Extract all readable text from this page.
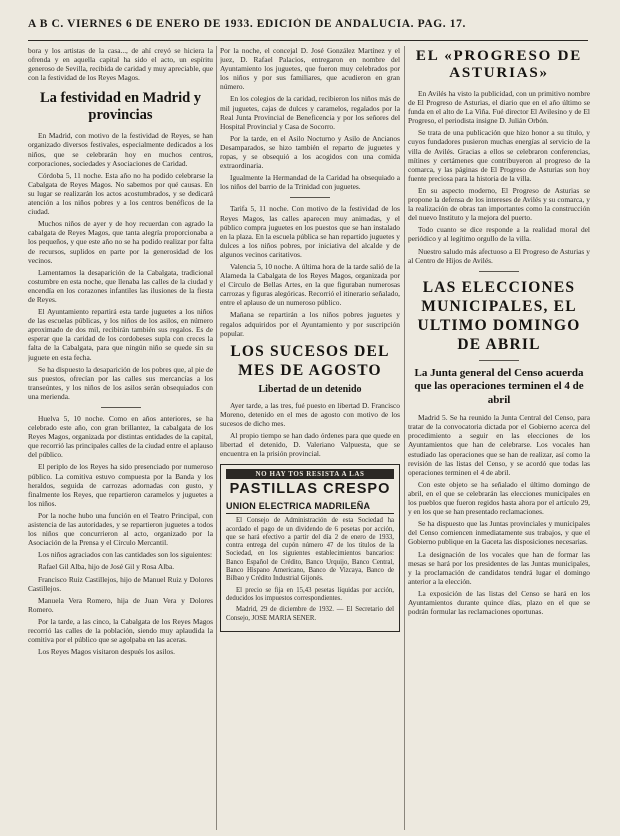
A B C. VIERNES 6 DE ENERO DE 1933. EDICIÓN DE ANDALUCIA. PAG. 17.

bora y los artistas de la casa..., de ahí creyó se hiciera la ofrenda y en aquella capital ha sido el acto, un espíritu generoso de Sevilla, recibida de caridad y muy apreciable, que con la festividad de los Reyes Magos.

La festividad en Madrid y provincias

En Madrid, con motivo de la festividad de Reyes, se han organizado diversos festivales, especialmente dedicados a los niños, que se celebrarán hoy en muchos centros, corporaciones, sociedades y Asociaciones de Caridad.

Córdoba 5, 11 noche. Esta año no ha podido celebrarse la Cabalgata de Reyes Magos. No sabemos por qué causas. En su lugar se realizarán los actos acostumbrados, y se dedicará atención a los niños pobres y a los centros benéficos de la ciudad.

Muchos niños de ayer y de hoy recuerdan con agrado la cabalgata de Reyes Magos, que tanta alegría proporcionaba a los pequeños, y que este año no se ha podido realizar por falta de recursos, suplidos en parte por la generosidad de los vecinos.

Lamentamos la desaparición de la Cabalgata, tradicional costumbre en esta noche, que llenaba las calles de la ciudad y encendía en los corazones infantiles las ilusiones de la fiesta de Reyes.

El Ayuntamiento repartirá esta tarde juguetes a los niños de las escuelas públicas, y los niños de los asilos, en número aproximado de dos mil, recibirán también sus regalos. Es de esperar que la caridad de los cordobeses supla con creces la falta de la Cabalgata, para que ningún niño se quede sin su juguete en esta fecha.

Se ha dispuesto la desaparición de los pobres que, al pie de sus puestos, ofrecían por las calles sus mercancías a los transeúntes, y los niños de los asilos serán obsequiados con una merienda.

Huelva 5, 10 noche. Como en años anteriores, se ha celebrado este año, con gran brillantez, la cabalgata de los Reyes Magos, organizada por distintas entidades de la capital, que recorrió las principales calles de la ciudad entre el aplauso del público.

El periplo de los Reyes ha sido presenciado por numeroso público. La comitiva estuvo compuesta por la Banda y los heraldos, seguida de carrozas adornadas con gusto, y finalmente los Reyes, que repartieron caramelos y juguetes a los niños.

Por la noche hubo una función en el Teatro Principal, con asistencia de las autoridades, y se repartieron juguetes a todos los niños que concurrieron al acto, organizado por la Asociación de la Prensa y el Círculo Mercantil.

Los niños agraciados con las cantidades son los siguientes:

Rafael Gil Alba, hijo de José Gil y Rosa Alba.

Francisco Ruiz Castillejos, hijo de Manuel Ruiz y Dolores Castillejos.

Manuela Vera Romero, hija de Juan Vera y Dolores Romero.

Por la tarde, a las cinco, la Cabalgata de los Reyes Magos recorrió las calles de la población, siendo muy aplaudida la comitiva por el público que se agolpaba en las aceras.

Los Reyes Magos visitaron después los asilos.

Por la noche, el concejal D. José González Martínez y el juez, D. Rafael Palacios, entregaron en nombre del Ayuntamiento los juguetes, que fueron muy celebrados por los niños y por sus familiares, que acudieron en gran número.

En los colegios de la caridad, recibieron los niños más de mil juguetes, cajas de dulces y caramelos, regalados por la Real Junta Provincial de Beneficencia y por los señores del Hospital Provincial y Casa de Socorro.

Por la tarde, en el Asilo Nocturno y Asilo de Ancianos Desamparados, se hizo también el reparto de juguetes y ropas, y se obsequió a los acogidos con una comida extraordinaria.

Igualmente la Hermandad de la Caridad ha obsequiado a los niños del barrio de la Trinidad con juguetes.

Tarifa 5, 11 noche. Con motivo de la festividad de los Reyes Magos, las calles aparecen muy animadas, y el público compra juguetes en los puestos que se han instalado en la plaza. En la escuela pública se han repartido juguetes y dulces a los niños pobres, por iniciativa del alcalde y de algunos vecinos caritativos.

Valencia 5, 10 noche. A última hora de la tarde salió de la Alameda la Cabalgata de los Reyes Magos, organizada por el Círculo de Bellas Artes, en la que figuraban numerosas carrozas y figuras alegóricas. Recorrió el itinerario señalado, entre el aplauso de un numeroso público.

Mañana se repartirán a los niños pobres juguetes y regalos adquiridos por el Ayuntamiento y por suscripción popular.

LOS SUCESOS DEL MES DE AGOSTO
Libertad de un detenido

Ayer tarde, a las tres, fué puesto en libertad D. Francisco Moreno, detenido en el mes de agosto con motivo de los sucesos de dicho mes.

Al propio tiempo se han dado órdenes para que quede en libertad el detenido, D. Valeriano Valpuesta, que se encuentra en la prisión provincial.

NO HAY TOS RESISTA A LAS
PASTILLAS CRESPO
UNION ELECTRICA MADRILEÑA

El Consejo de Administración de esta Sociedad ha acordado el pago de un dividendo de 6 pesetas por acción, que se hará efectivo a partir del día 2 de enero de 1933, contra entrega del cupón número 47 de los títulos de la Sociedad, en los siguientes establecimientos bancarios: Banco Español de Crédito, Banco Urquijo, Banco Central, Banco Hispano Americano, Banco de Vizcaya, Banco de Bilbao y Crédito Industrial Gijonés.

El precio se fija en 15,43 pesetas líquidas por acción, deducidos los impuestos correspondientes.

Madrid, 29 de diciembre de 1932. — El Secretario del Consejo, JOSE MARIA SENER.

EL «PROGRESO DE ASTURIAS»

En Avilés ha visto la publicidad, con un primitivo nombre de El Progreso de Asturias, el diario que en el año último se funda en el alto de La Viña. Fué director El Avilesino y de El Progreso, el periodista insigne D. Julián Orbón.

Se trata de una publicación que hizo honor a su título, y cuyos fundadores pusieron muchas energías al servicio de la villa de Avilés. Gracias a ellos se celebraron conferencias, mítines y certámenes que contribuyeron al progreso de la comarca, y las páginas de El Progreso de Asturias son hoy fuente preciosa para la historia de la villa.

En su aspecto moderno, El Progreso de Asturias se propone la defensa de los intereses de Avilés y su comarca, y la realización de obras tan importantes como la construcción del nuevo Instituto y la mejora del puerto.

Todo cuanto se dice responde a la realidad moral del periódico y al legítimo orgullo de la villa.

Nuestro saludo más afectuoso a El Progreso de Asturias y al Centro de Hijos de Avilés.

LAS ELECCIONES MUNICIPALES, EL ULTIMO DOMINGO DE ABRIL
La Junta general del Censo acuerda que las operaciones terminen el 4 de abril

Madrid 5. Se ha reunido la Junta Central del Censo, para tratar de la convocatoria dictada por el Gobierno acerca del procedimiento a seguir en las elecciones de los Ayuntamientos que han de celebrarse. Los vocales han estudiado las operaciones que se han de realizar, así como la revisión de las listas del Censo, y se acordó que todas las operaciones terminen el 4 de abril.

Con este objeto se ha señalado el último domingo de abril, en el que se celebrarán las elecciones municipales en los pueblos que fueron regidos hasta ahora por el artículo 29, y en los que se han presentado reclamaciones.

Se ha dispuesto que las Juntas provinciales y municipales del Censo comiencen inmediatamente sus trabajos, y que el Gobierno publique en la Gaceta las disposiciones necesarias.

La designación de los vocales que han de formar las mesas se hará por los presidentes de las Juntas municipales, y la proclamación de candidatos tendrá lugar el domingo anterior a la elección.

La exposición de las listas del Censo se hará en los Ayuntamientos durante quince días, plazo en el que se podrán formular las reclamaciones oportunas.
